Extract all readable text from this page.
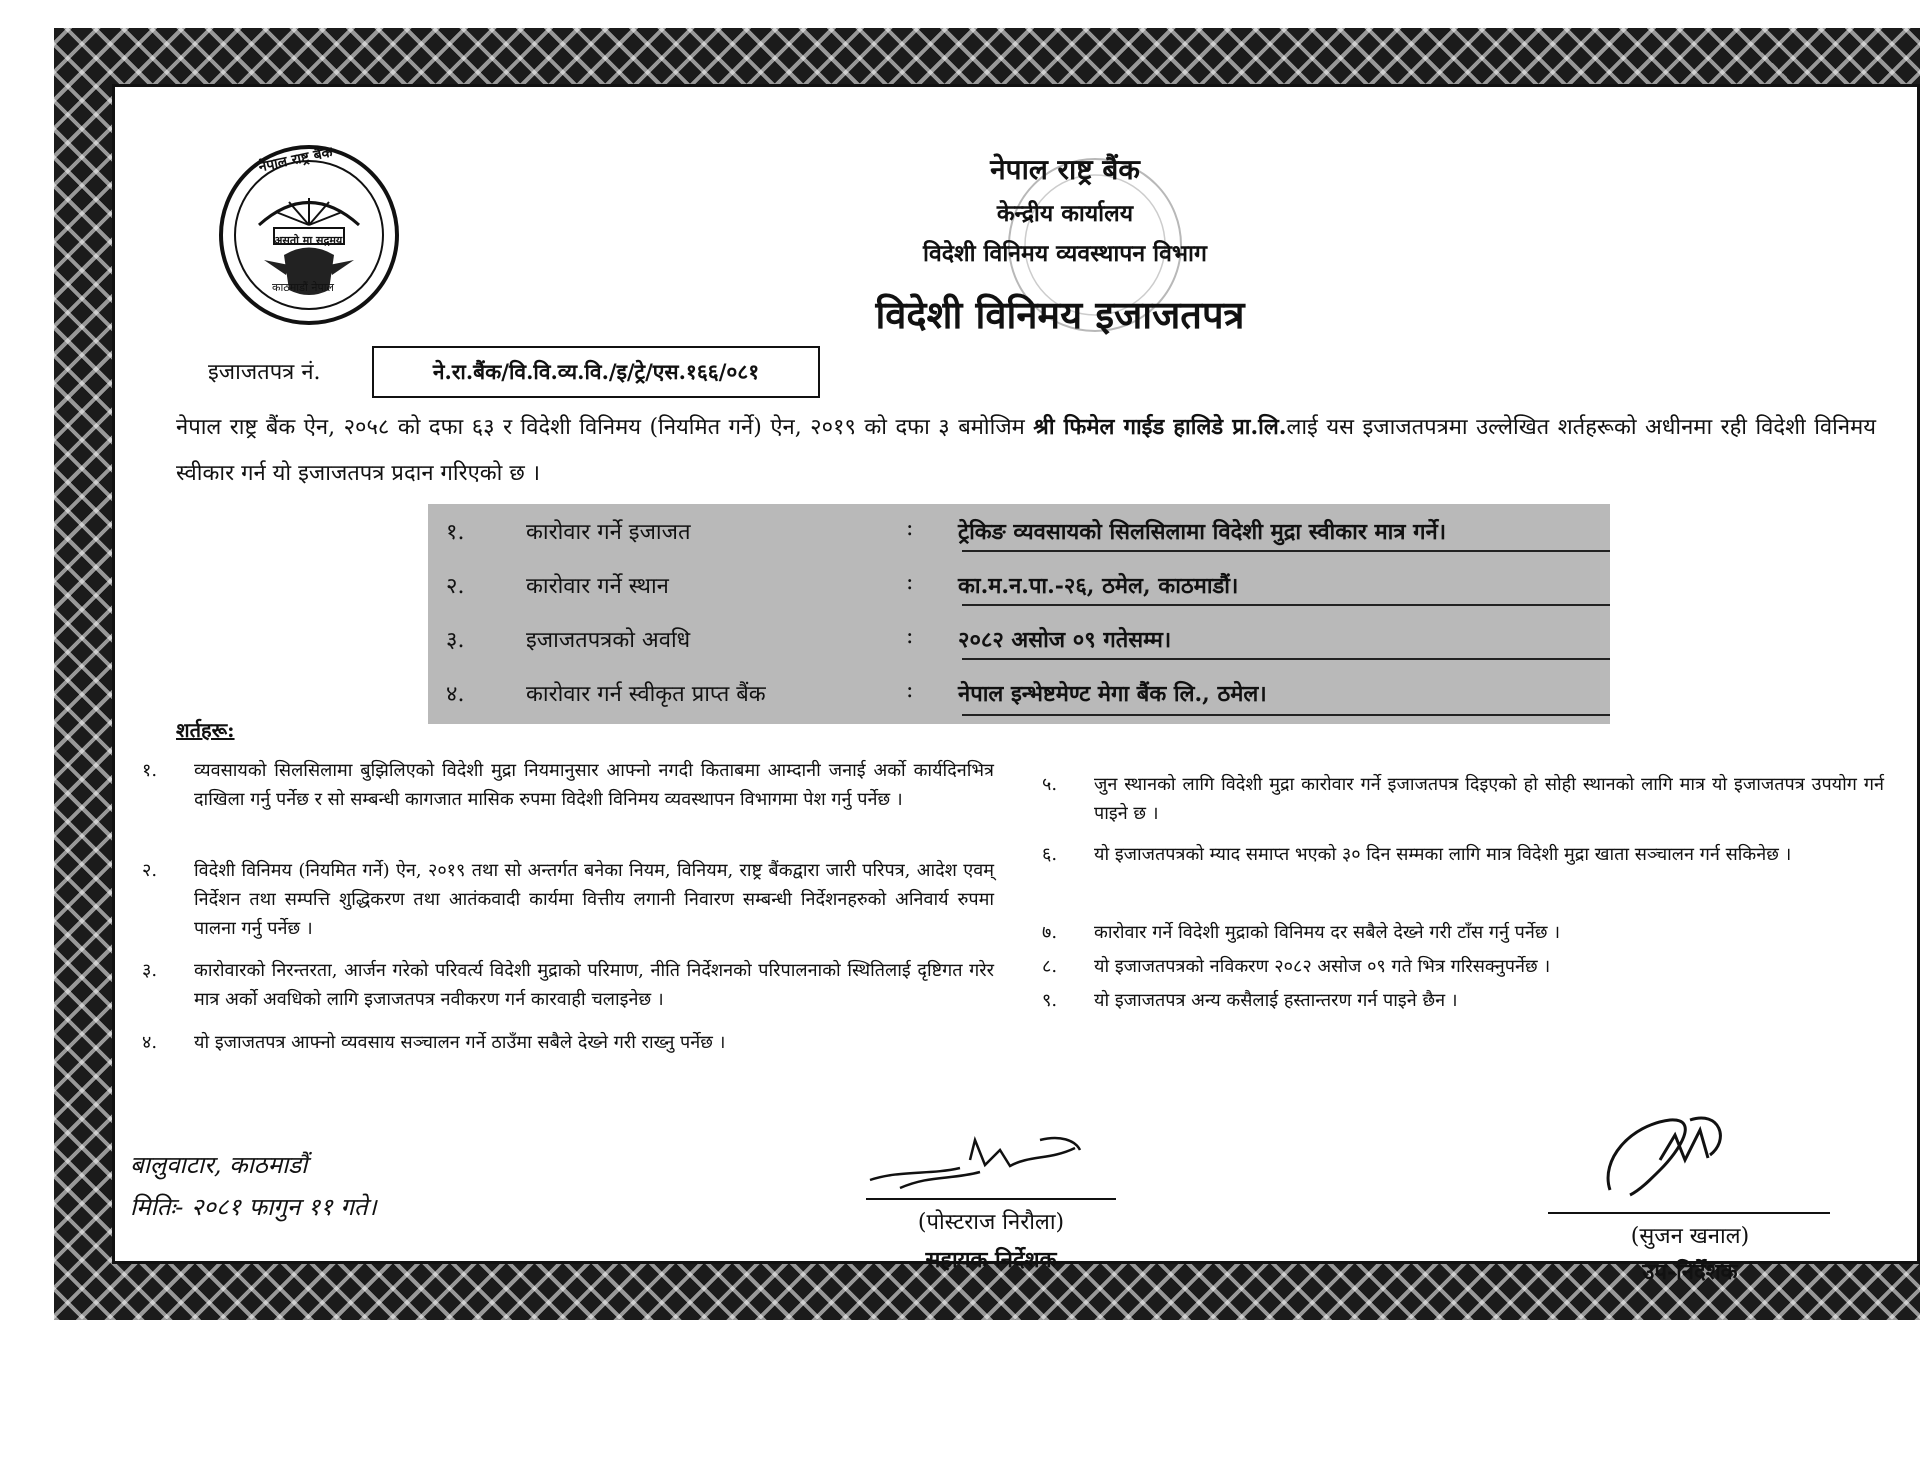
नेपाल राष्ट्र बैंक
असतो मा सद्गमय
काठमाडौं नेपाल
नेपाल राष्ट्र बैंक
केन्द्रीय कार्यालय
विदेशी विनिमय व्यवस्थापन विभाग
विदेशी विनिमय इजाजतपत्र
इजाजतपत्र नं.	ने.रा.बैंक/वि.वि.व्य.वि./इ/ट्रे/एस.१६६/०८१
नेपाल राष्ट्र बैंक ऐन, २०५८ को दफा ६३ र विदेशी विनिमय (नियमित गर्ने) ऐन, २०१९ को दफा ३ बमोजिम श्री फिमेल गाईड हालिडे प्रा.लि.लाई यस इजाजतपत्रमा उल्लेखित शर्तहरूको अधीनमा रही विदेशी विनिमय स्वीकार गर्न यो इजाजतपत्र प्रदान गरिएको छ ।
१.	कारोवार गर्ने इजाजत	: ट्रेकिङ व्यवसायको सिलसिलामा विदेशी मुद्रा स्वीकार मात्र गर्ने।
२.	कारोवार गर्ने स्थान	: का.म.न.पा.-२६, ठमेल, काठमाडौं।
३.	इजाजतपत्रको अवधि	: २०८२ असोज ०९ गतेसम्म।
४.	कारोवार गर्न स्वीकृत प्राप्त बैंक	: नेपाल इन्भेष्टमेण्ट मेगा बैंक लि., ठमेल।
शर्तहरू:
१. व्यवसायको सिलसिलामा बुझिलिएको विदेशी मुद्रा नियमानुसार आफ्नो नगदी किताबमा आम्दानी जनाई अर्को कार्यदिनभित्र दाखिला गर्नु पर्नेछ र सो सम्बन्धी कागजात मासिक रुपमा विदेशी विनिमय व्यवस्थापन विभागमा पेश गर्नु पर्नेछ ।
२. विदेशी विनिमय (नियमित गर्ने) ऐन, २०१९ तथा सो अन्तर्गत बनेका नियम, विनियम, राष्ट्र बैंकद्वारा जारी परिपत्र, आदेश एवम् निर्देशन तथा सम्पत्ति शुद्धिकरण तथा आतंकवादी कार्यमा वित्तीय लगानी निवारण सम्बन्धी निर्देशनहरुको अनिवार्य रुपमा पालना गर्नु पर्नेछ ।
३. कारोवारको निरन्तरता, आर्जन गरेको परिवर्त्य विदेशी मुद्राको परिमाण, नीति निर्देशनको परिपालनाको स्थितिलाई दृष्टिगत गरेर मात्र अर्को अवधिको लागि इजाजतपत्र नवीकरण गर्न कारवाही चलाइनेछ ।
४. यो इजाजतपत्र आफ्नो व्यवसाय सञ्चालन गर्ने ठाउँमा सबैले देख्ने गरी राख्नु पर्नेछ ।
५. जुन स्थानको लागि विदेशी मुद्रा कारोवार गर्ने इजाजतपत्र दिइएको हो सोही स्थानको लागि मात्र यो इजाजतपत्र उपयोग गर्न पाइने छ ।
६. यो इजाजतपत्रको म्याद समाप्त भएको ३० दिन सम्मका लागि मात्र विदेशी मुद्रा खाता सञ्चालन गर्न सकिनेछ ।
७. कारोवार गर्ने विदेशी मुद्राको विनिमय दर सबैले देख्ने गरी टाँस गर्नु पर्नेछ ।
८. यो इजाजतपत्रको नविकरण २०८२ असोज ०९ गते भित्र गरिसक्नुपर्नेछ ।
९. यो इजाजतपत्र अन्य कसैलाई हस्तान्तरण गर्न पाइने छैन ।
बालुवाटार, काठमाडौं
मितिः- २०८१ फागुन ११ गते।
(पोस्टराज निरौला)
सहायक निर्देशक
(सुजन खनाल)
उप-निर्देशक
